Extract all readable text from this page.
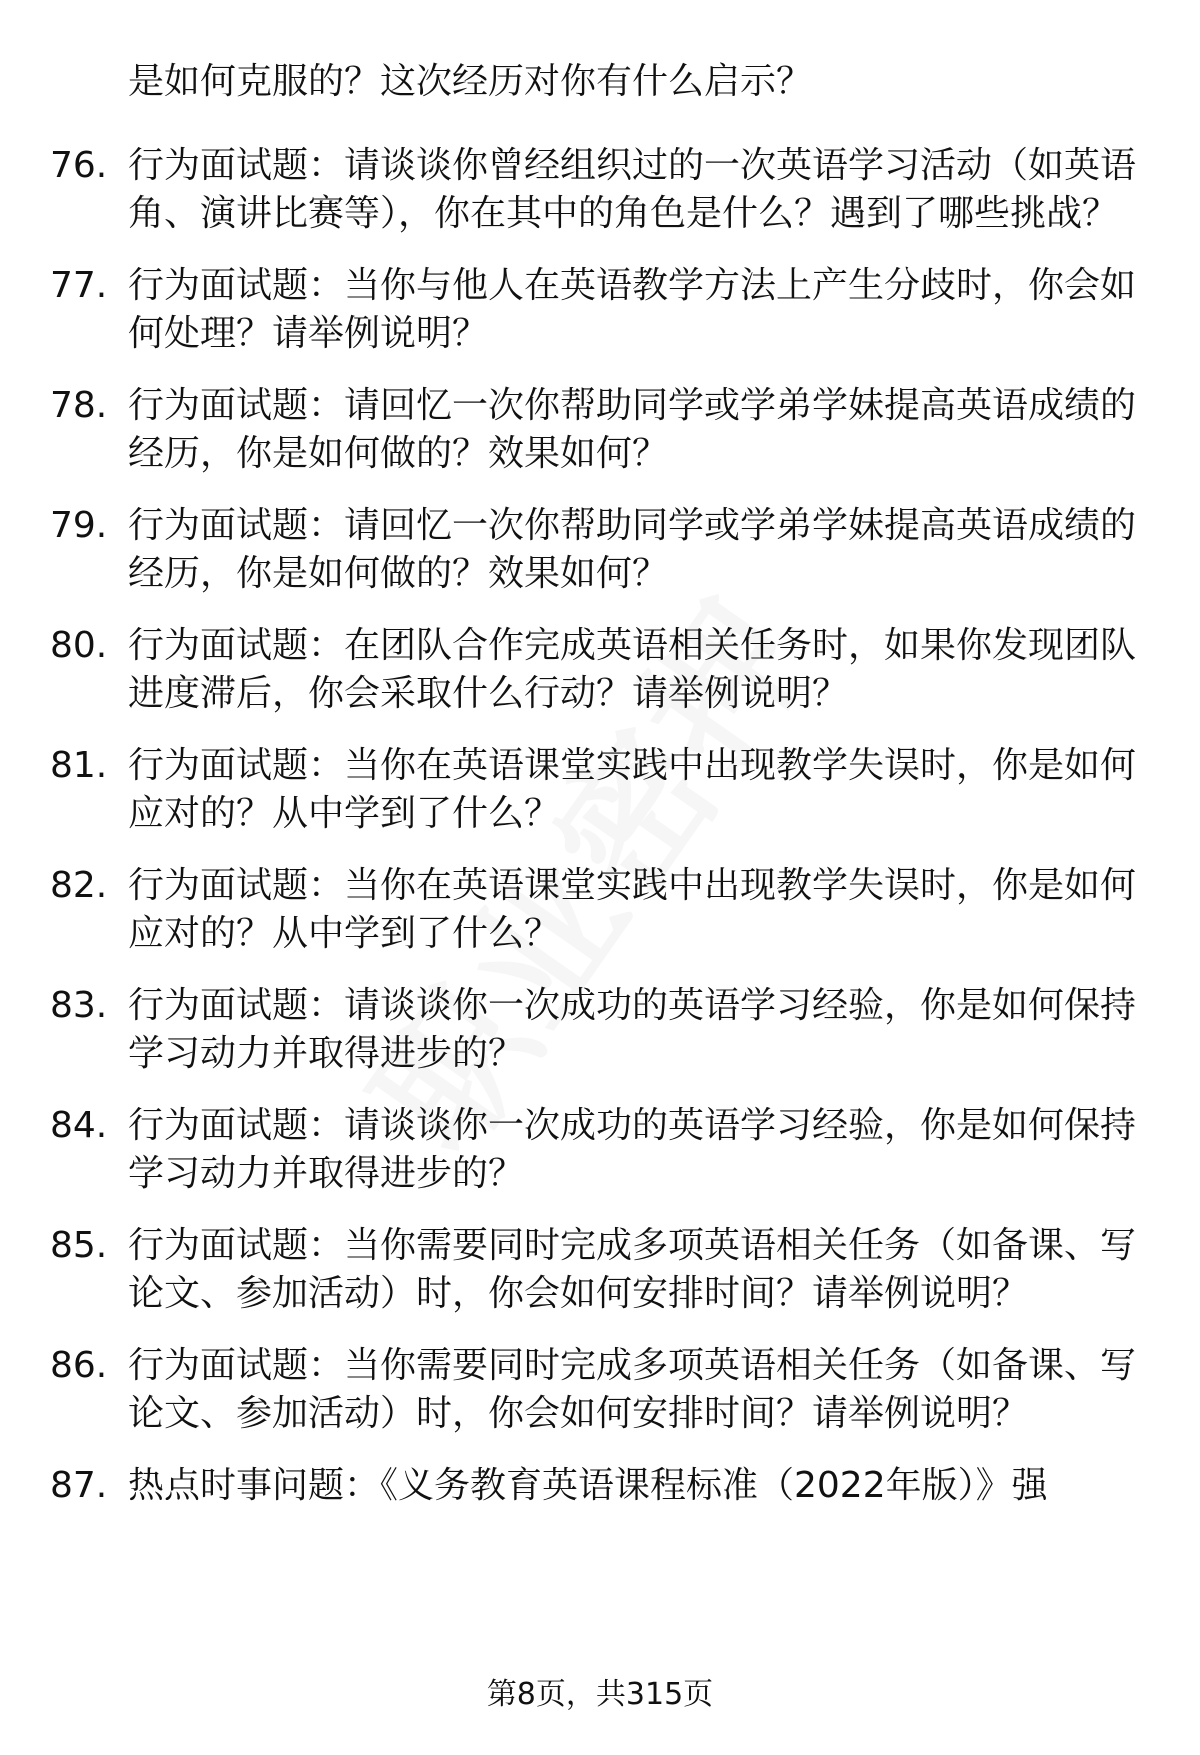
是如何克服的？这次经历对你有什么启示？

76. 行为面试题：请谈谈你曾经组织过的一次英语学习活动（如英语角、演讲比赛等），你在其中的角色是什么？遇到了哪些挑战？

77. 行为面试题：当你与他人在英语教学方法上产生分歧时，你会如何处理？请举例说明？

78. 行为面试题：请回忆一次你帮助同学或学弟学妹提高英语成绩的经历，你是如何做的？效果如何？

79. 行为面试题：请回忆一次你帮助同学或学弟学妹提高英语成绩的经历，你是如何做的？效果如何？

80. 行为面试题：在团队合作完成英语相关任务时，如果你发现团队进度滞后，你会采取什么行动？请举例说明？

81. 行为面试题：当你在英语课堂实践中出现教学失误时，你是如何应对的？从中学到了什么？

82. 行为面试题：当你在英语课堂实践中出现教学失误时，你是如何应对的？从中学到了什么？

83. 行为面试题：请谈谈你一次成功的英语学习经验，你是如何保持学习动力并取得进步的？

84. 行为面试题：请谈谈你一次成功的英语学习经验，你是如何保持学习动力并取得进步的？

85. 行为面试题：当你需要同时完成多项英语相关任务（如备课、写论文、参加活动）时，你会如何安排时间？请举例说明？

86. 行为面试题：当你需要同时完成多项英语相关任务（如备课、写论文、参加活动）时，你会如何安排时间？请举例说明？

87. 热点时事问题：《义务教育英语课程标准（2022年版）》强

第8页，共315页
